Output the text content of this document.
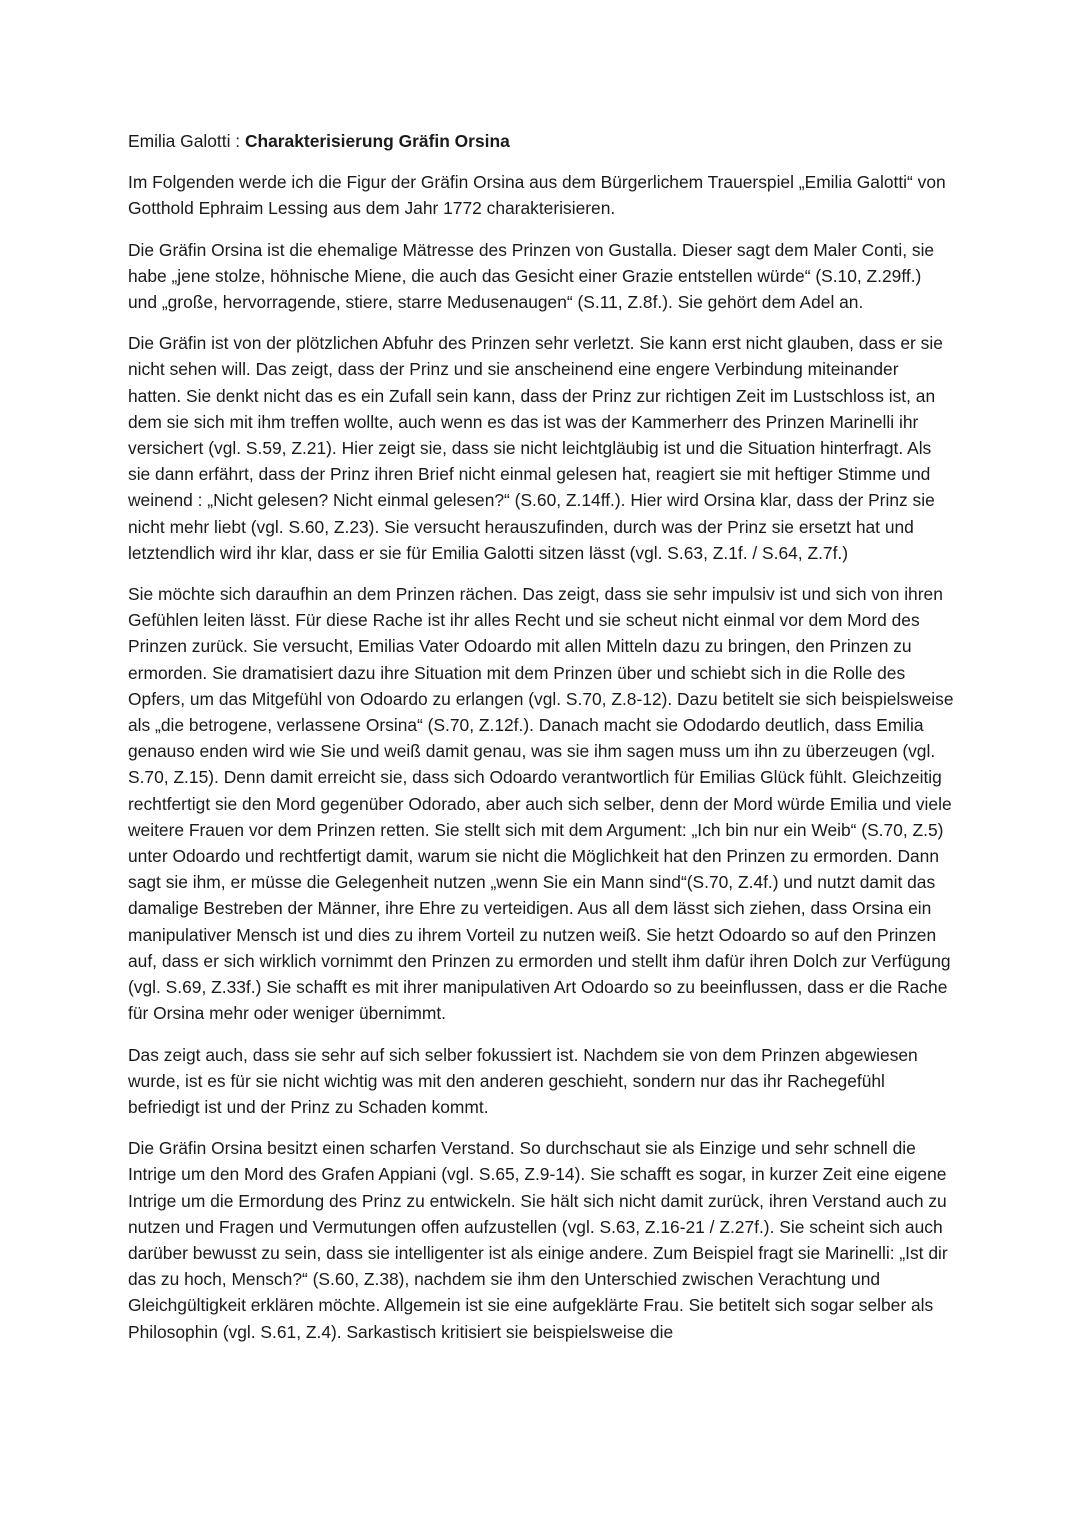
Emilia Galotti : Charakterisierung Gräfin Orsina

Im Folgenden werde ich die Figur der Gräfin Orsina aus dem Bürgerlichem Trauerspiel „Emilia Galotti“ von Gotthold Ephraim Lessing aus dem Jahr 1772 charakterisieren.

Die Gräfin Orsina ist die ehemalige Mätresse des Prinzen von Gustalla. Dieser sagt dem Maler Conti, sie habe „jene stolze, höhnische Miene, die auch das Gesicht einer Grazie entstellen würde“ (S.10, Z.29ff.) und „große, hervorragende, stiere, starre Medusenaugen“ (S.11, Z.8f.). Sie gehört dem Adel an.

Die Gräfin ist von der plötzlichen Abfuhr des Prinzen sehr verletzt. Sie kann erst nicht glauben, dass er sie nicht sehen will. Das zeigt, dass der Prinz und sie anscheinend eine engere Verbindung miteinander hatten. Sie denkt nicht das es ein Zufall sein kann, dass der Prinz zur richtigen Zeit im Lustschloss ist, an dem sie sich mit ihm treffen wollte, auch wenn es das ist was der Kammerherr des Prinzen Marinelli ihr versichert (vgl. S.59, Z.21). Hier zeigt sie, dass sie nicht leichtgläubig ist und die Situation hinterfragt. Als sie dann erfährt, dass der Prinz ihren Brief nicht einmal gelesen hat, reagiert sie mit heftiger Stimme und weinend : „Nicht gelesen? Nicht einmal gelesen?“ (S.60, Z.14ff.). Hier wird Orsina klar, dass der Prinz sie nicht mehr liebt (vgl. S.60, Z.23). Sie versucht herauszufinden, durch was der Prinz sie ersetzt hat und letztendlich wird ihr klar, dass er sie für Emilia Galotti sitzen lässt (vgl. S.63, Z.1f. / S.64, Z.7f.)

Sie möchte sich daraufhin an dem Prinzen rächen. Das zeigt, dass sie sehr impulsiv ist und sich von ihren Gefühlen leiten lässt. Für diese Rache ist ihr alles Recht und sie scheut nicht einmal vor dem Mord des Prinzen zurück. Sie versucht, Emilias Vater Odoardo mit allen Mitteln dazu zu bringen, den Prinzen zu ermorden. Sie dramatisiert dazu ihre Situation mit dem Prinzen über und schiebt sich in die Rolle des Opfers, um das Mitgefühl von Odoardo zu erlangen (vgl. S.70, Z.8-12). Dazu betitelt sie sich beispielsweise als „die betrogene, verlassene Orsina“ (S.70, Z.12f.). Danach macht sie Ododardo deutlich, dass Emilia genauso enden wird wie Sie und weiß damit genau, was sie ihm sagen muss um ihn zu überzeugen (vgl. S.70, Z.15). Denn damit erreicht sie, dass sich Odoardo verantwortlich für Emilias Glück fühlt. Gleichzeitig rechtfertigt sie den Mord gegenüber Odorado, aber auch sich selber, denn der Mord würde Emilia und viele weitere Frauen vor dem Prinzen retten. Sie stellt sich mit dem Argument: „Ich bin nur ein Weib“ (S.70, Z.5) unter Odoardo und rechtfertigt damit, warum sie nicht die Möglichkeit hat den Prinzen zu ermorden. Dann sagt sie ihm, er müsse die Gelegenheit nutzen „wenn Sie ein Mann sind“(S.70, Z.4f.) und nutzt damit das damalige Bestreben der Männer, ihre Ehre zu verteidigen. Aus all dem lässt sich ziehen, dass Orsina ein manipulativer Mensch ist und dies zu ihrem Vorteil zu nutzen weiß. Sie hetzt Odoardo so auf den Prinzen auf, dass er sich wirklich vornimmt den Prinzen zu ermorden und stellt ihm dafür ihren Dolch zur Verfügung (vgl. S.69, Z.33f.) Sie schafft es mit ihrer manipulativen Art Odoardo so zu beeinflussen, dass er die Rache für Orsina mehr oder weniger übernimmt.

Das zeigt auch, dass sie sehr auf sich selber fokussiert ist. Nachdem sie von dem Prinzen abgewiesen wurde, ist es für sie nicht wichtig was mit den anderen geschieht, sondern nur das ihr Rachegefühl befriedigt ist und der Prinz zu Schaden kommt.

Die Gräfin Orsina besitzt einen scharfen Verstand. So durchschaut sie als Einzige und sehr schnell die Intrige um den Mord des Grafen Appiani (vgl. S.65, Z.9-14). Sie schafft es sogar, in kurzer Zeit eine eigene Intrige um die Ermordung des Prinz zu entwickeln. Sie hält sich nicht damit zurück, ihren Verstand auch zu nutzen und Fragen und Vermutungen offen aufzustellen (vgl. S.63, Z.16-21 / Z.27f.). Sie scheint sich auch darüber bewusst zu sein, dass sie intelligenter ist als einige andere. Zum Beispiel fragt sie Marinelli: „Ist dir das zu hoch, Mensch?“ (S.60, Z.38), nachdem sie ihm den Unterschied zwischen Verachtung und Gleichgültigkeit erklären möchte. Allgemein ist sie eine aufgeklärte Frau. Sie betitelt sich sogar selber als Philosophin (vgl. S.61, Z.4). Sarkastisch kritisiert sie beispielsweise die
